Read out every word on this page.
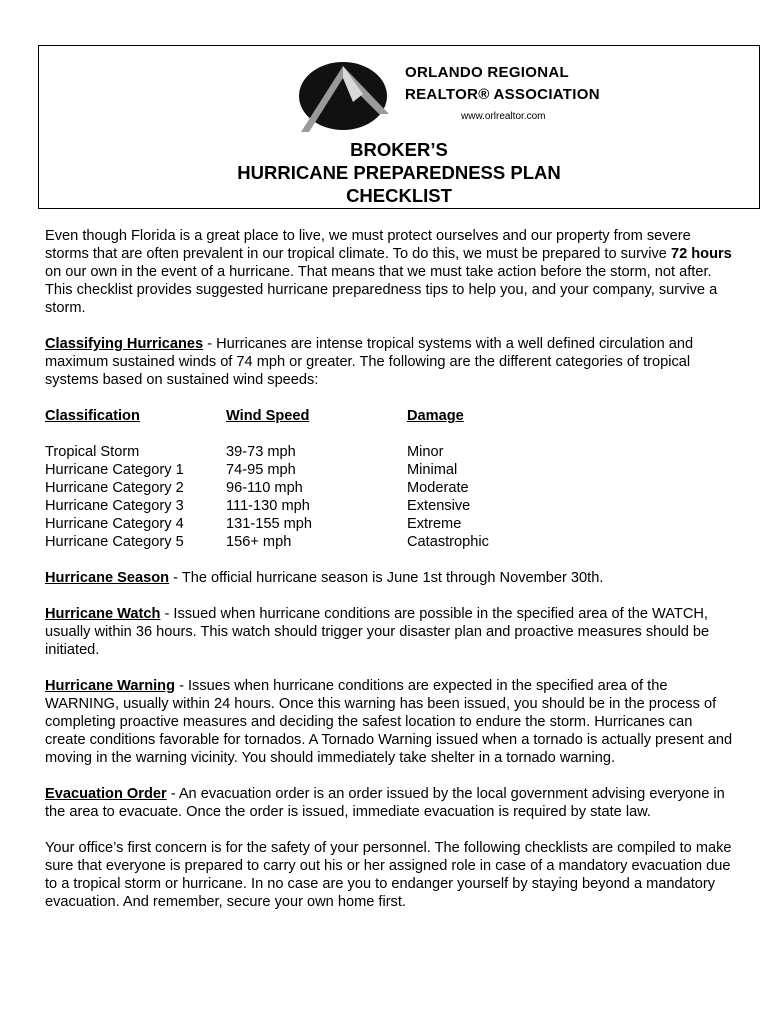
ORLANDO REGIONAL
REALTOR® ASSOCIATION
www.orlrealtor.com
BROKER’S
HURRICANE PREPAREDNESS PLAN
CHECKLIST

Even though Florida is a great place to live, we must protect ourselves and our property from severe storms that are often prevalent in our tropical climate. To do this, we must be prepared to survive 72 hours on our own in the event of a hurricane. That means that we must take action before the storm, not after. This checklist provides suggested hurricane preparedness tips to help you, and your company, survive a storm.

Classifying Hurricanes - Hurricanes are intense tropical systems with a well defined circulation and maximum sustained winds of 74 mph or greater. The following are the different categories of tropical systems based on sustained wind speeds:

Classification	Wind Speed	Damage
Tropical Storm	39-73 mph	Minor
Hurricane Category 1	74-95 mph	Minimal
Hurricane Category 2	96-110 mph	Moderate
Hurricane Category 3	111-130 mph	Extensive
Hurricane Category 4	131-155 mph	Extreme
Hurricane Category 5	156+ mph	Catastrophic

Hurricane Season - The official hurricane season is June 1st through November 30th.

Hurricane Watch - Issued when hurricane conditions are possible in the specified area of the WATCH, usually within 36 hours. This watch should trigger your disaster plan and proactive measures should be initiated.

Hurricane Warning - Issues when hurricane conditions are expected in the specified area of the WARNING, usually within 24 hours. Once this warning has been issued, you should be in the process of completing proactive measures and deciding the safest location to endure the storm. Hurricanes can create conditions favorable for tornados. A Tornado Warning issued when a tornado is actually present and moving in the warning vicinity. You should immediately take shelter in a tornado warning.

Evacuation Order - An evacuation order is an order issued by the local government advising everyone in the area to evacuate. Once the order is issued, immediate evacuation is required by state law.

Your office’s first concern is for the safety of your personnel. The following checklists are compiled to make sure that everyone is prepared to carry out his or her assigned role in case of a mandatory evacuation due to a tropical storm or hurricane. In no case are you to endanger yourself by staying beyond a mandatory evacuation. And remember, secure your own home first.
